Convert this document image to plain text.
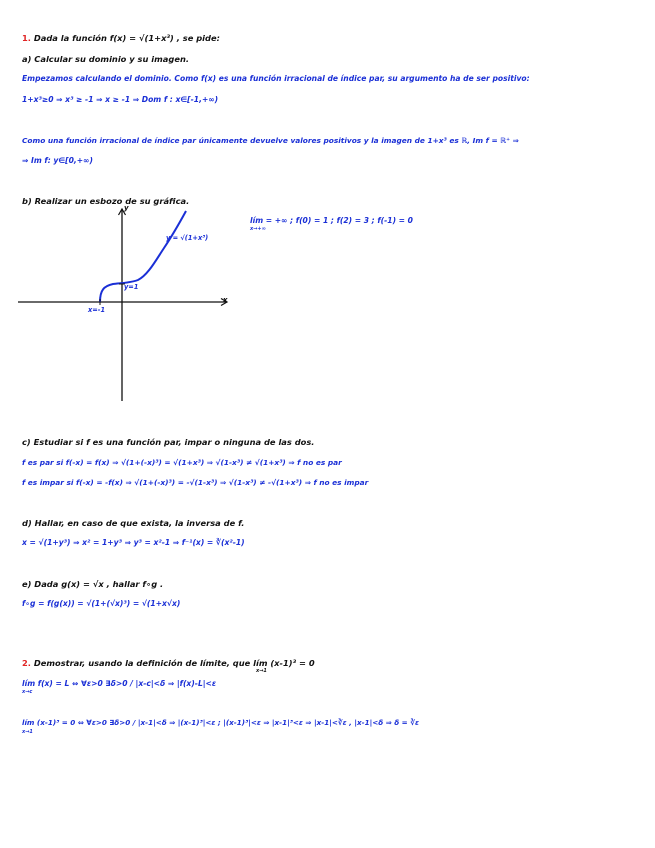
1. Dada la función f(x) = √(1+x³) , se pide:
a) Calcular su dominio y su imagen.
Empezamos calculando el dominio. Como f(x) es una función irracional de índice par, su argumento ha de ser positivo:
1+x³≥0 ⇒ x³ ≥ -1 ⇒ x ≥ -1 ⇒ Dom f : x∈[-1,+∞)
Como una función irracional de índice par únicamente devuelve valores positivos y la imagen de 1+x³ es ℝ, Im f = ℝ⁺ ⇒
⇒ Im f: y∈[0,+∞)
b) Realizar un esbozo de su gráfica.
y
x
y = √(1+x³)
y=1
x=-1
lím = +∞ ; f(0) = 1 ; f(2) = 3 ; f(-1) = 0
x→+∞
c) Estudiar si f es una función par, impar o ninguna de las dos.
f es par si f(-x) = f(x) ⇒ √(1+(-x)³) = √(1+x³) ⇒ √(1-x³) ≠ √(1+x³) ⇒ f no es par
f es impar si f(-x) = -f(x) ⇒ √(1+(-x)³) = -√(1-x³) ⇒ √(1-x³) ≠ -√(1+x³) ⇒ f no es impar
d) Hallar, en caso de que exista, la inversa de f.
x = √(1+y³) ⇒ x² = 1+y³ ⇒ y³ = x²-1 ⇒ f⁻¹(x) = ∛(x²-1)
e) Dada g(x) = √x , hallar f∘g .
f∘g = f(g(x)) = √(1+(√x)³) = √(1+x√x)
2. Demostrar, usando la definición de límite, que lím (x-1)³ = 0
x→1
lím f(x) = L ⇔ ∀ε>0 ∃δ>0 / |x-c|<δ ⇒ |f(x)-L|<ε
x→c
lím (x-1)³ = 0 ⇔ ∀ε>0 ∃δ>0 / |x-1|<δ ⇒ |(x-1)³|<ε ; |(x-1)³|<ε ⇒ |x-1|³<ε ⇒ |x-1|<∛ε , |x-1|<δ ⇒ δ = ∛ε
x→1
